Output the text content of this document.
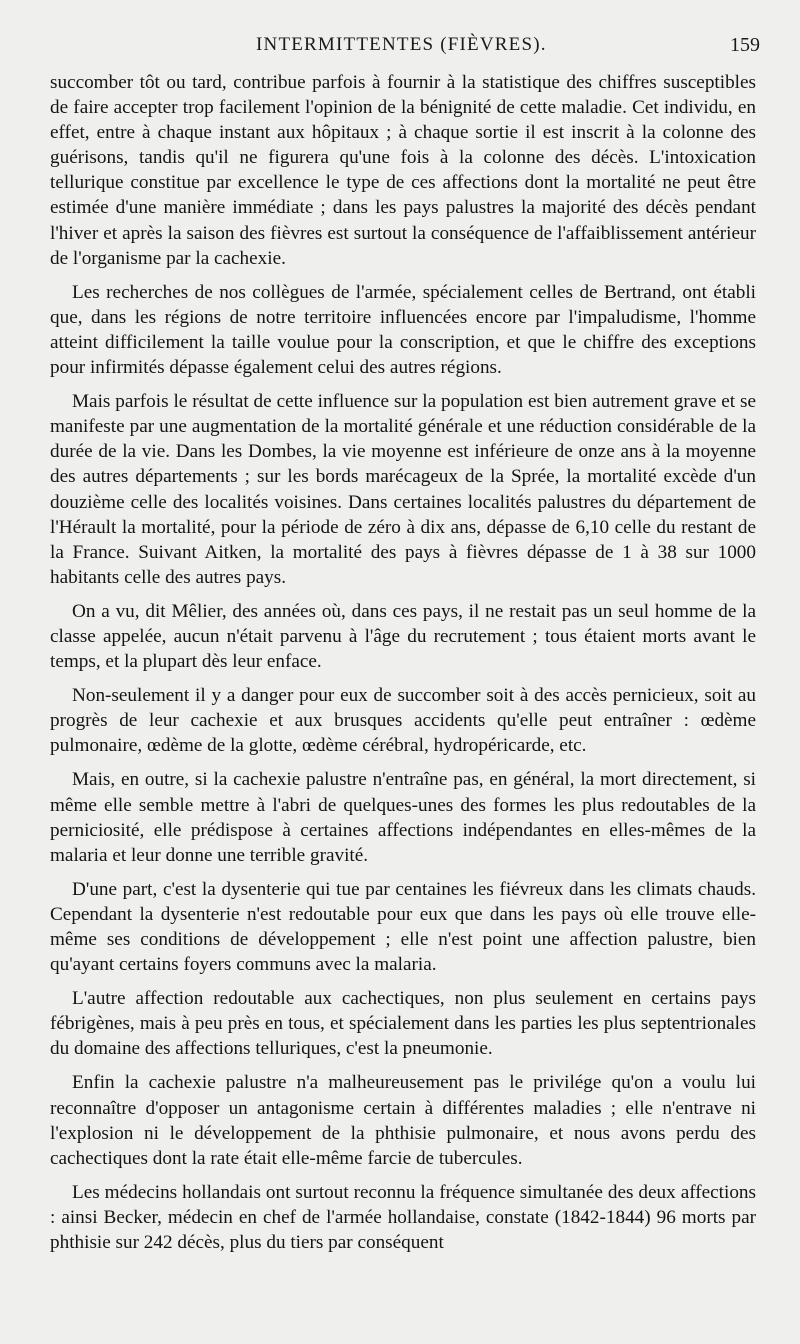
INTERMITTENTES (FIÈVRES).	159

succomber tôt ou tard, contribue parfois à fournir à la statistique des chiffres susceptibles de faire accepter trop facilement l'opinion de la bénignité de cette maladie. Cet individu, en effet, entre à chaque instant aux hôpitaux ; à chaque sortie il est inscrit à la colonne des guérisons, tandis qu'il ne figurera qu'une fois à la colonne des décès. L'intoxication tellurique constitue par excellence le type de ces affections dont la mortalité ne peut être estimée d'une manière immédiate ; dans les pays palustres la majorité des décès pendant l'hiver et après la saison des fièvres est surtout la conséquence de l'affaiblissement antérieur de l'organisme par la cachexie.

Les recherches de nos collègues de l'armée, spécialement celles de Bertrand, ont établi que, dans les régions de notre territoire influencées encore par l'impaludisme, l'homme atteint difficilement la taille voulue pour la conscription, et que le chiffre des exceptions pour infirmités dépasse également celui des autres régions.

Mais parfois le résultat de cette influence sur la population est bien autrement grave et se manifeste par une augmentation de la mortalité générale et une réduction considérable de la durée de la vie. Dans les Dombes, la vie moyenne est inférieure de onze ans à la moyenne des autres départements ; sur les bords marécageux de la Sprée, la mortalité excède d'un douzième celle des localités voisines. Dans certaines localités palustres du département de l'Hérault la mortalité, pour la période de zéro à dix ans, dépasse de 6,10 celle du restant de la France. Suivant Aitken, la mortalité des pays à fièvres dépasse de 1 à 38 sur 1000 habitants celle des autres pays.

On a vu, dit Mêlier, des années où, dans ces pays, il ne restait pas un seul homme de la classe appelée, aucun n'était parvenu à l'âge du recrutement ; tous étaient morts avant le temps, et la plupart dès leur enface.

Non-seulement il y a danger pour eux de succomber soit à des accès pernicieux, soit au progrès de leur cachexie et aux brusques accidents qu'elle peut entraîner : œdème pulmonaire, œdème de la glotte, œdème cérébral, hydropéricarde, etc.

Mais, en outre, si la cachexie palustre n'entraîne pas, en général, la mort directement, si même elle semble mettre à l'abri de quelques-unes des formes les plus redoutables de la perniciosité, elle prédispose à certaines affections indépendantes en elles-mêmes de la malaria et leur donne une terrible gravité.

D'une part, c'est la dysenterie qui tue par centaines les fiévreux dans les climats chauds. Cependant la dysenterie n'est redoutable pour eux que dans les pays où elle trouve elle-même ses conditions de développement ; elle n'est point une affection palustre, bien qu'ayant certains foyers communs avec la malaria.

L'autre affection redoutable aux cachectiques, non plus seulement en certains pays fébrigènes, mais à peu près en tous, et spécialement dans les parties les plus septentrionales du domaine des affections telluriques, c'est la pneumonie.

Enfin la cachexie palustre n'a malheureusement pas le privilége qu'on a voulu lui reconnaître d'opposer un antagonisme certain à différentes maladies ; elle n'entrave ni l'explosion ni le développement de la phthisie pulmonaire, et nous avons perdu des cachectiques dont la rate était elle-même farcie de tubercules.

Les médecins hollandais ont surtout reconnu la fréquence simultanée des deux affections : ainsi Becker, médecin en chef de l'armée hollandaise, constate (1842-1844) 96 morts par phthisie sur 242 décès, plus du tiers par conséquent
